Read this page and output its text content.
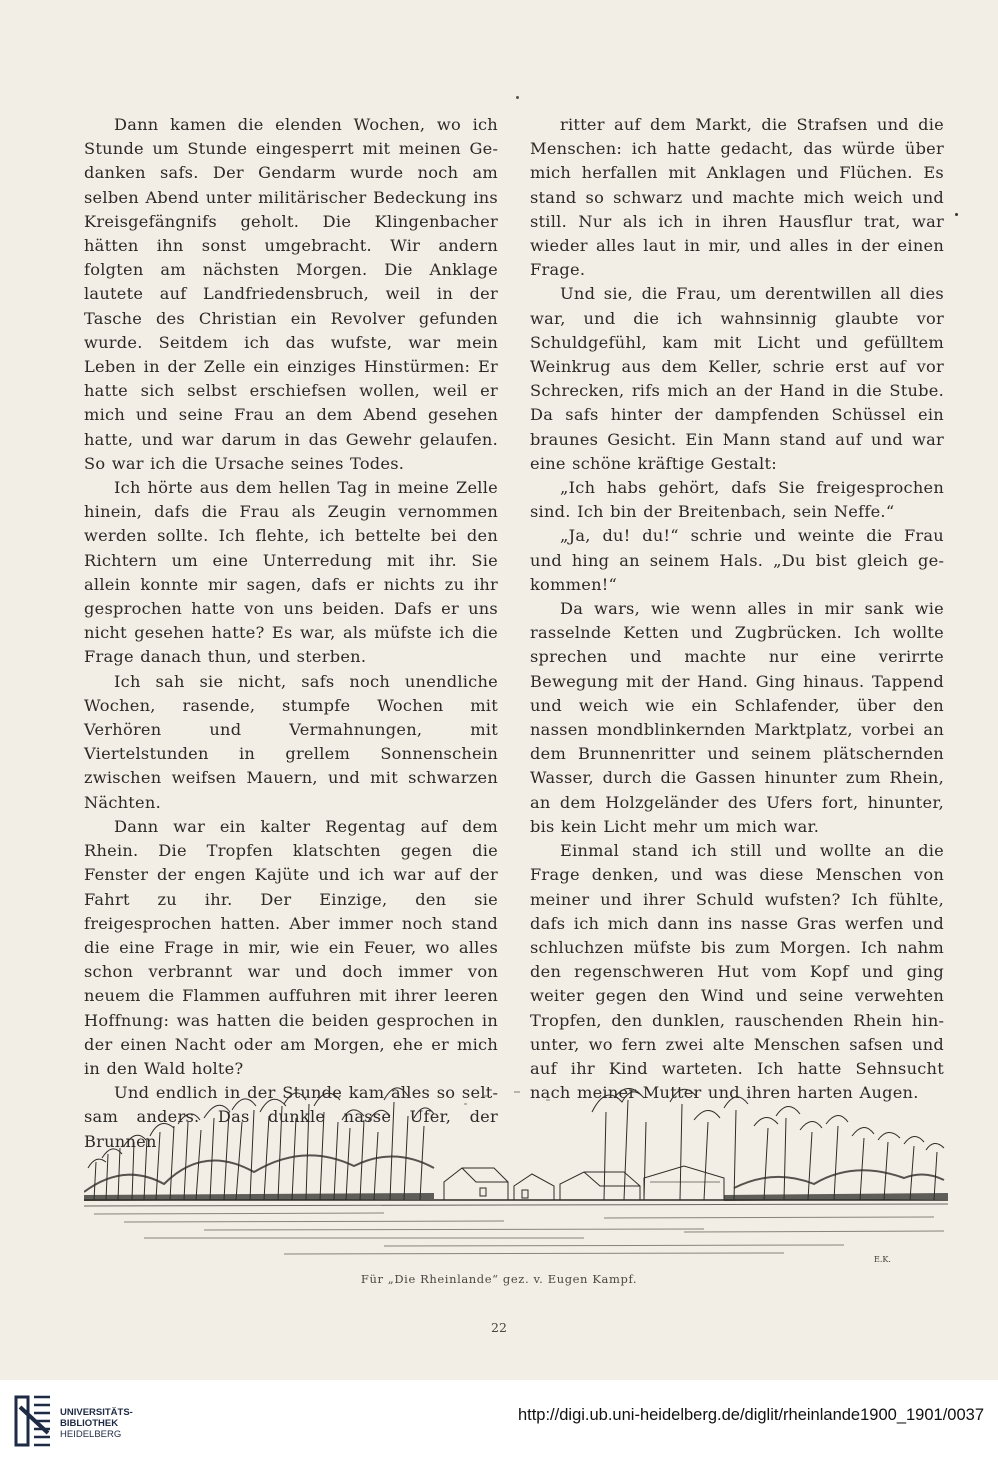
Dann kamen die elenden Wochen, wo ich Stunde um Stunde eingesperrt mit meinen Gedanken safs. Der Gendarm wurde noch am selben Abend unter militärischer Bedeckung ins Kreisgefängnifs geholt. Die Klingenbacher hätten ihn sonst umgebracht. Wir andern folgten am nächsten Morgen. Die Anklage lautete auf Landfriedensbruch, weil in der Tasche des Christian ein Revolver gefunden wurde. Seitdem ich das wufste, war mein Leben in der Zelle ein einziges Hinstürmen: Er hatte sich selbst erschiefsen wollen, weil er mich und seine Frau an dem Abend gesehen hatte, und war darum in das Gewehr gelaufen. So war ich die Ursache seines Todes.

Ich hörte aus dem hellen Tag in meine Zelle hinein, dafs die Frau als Zeugin vernommen werden sollte. Ich flehte, ich bettelte bei den Richtern um eine Unterredung mit ihr. Sie allein konnte mir sagen, dafs er nichts zu ihr gesprochen hatte von uns beiden. Dafs er uns nicht gesehen hatte? Es war, als müfste ich die Frage danach thun, und sterben.

Ich sah sie nicht, safs noch unendliche Wochen, rasende, stumpfe Wochen mit Verhören und Vermahnungen, mit Viertelstunden in grellem Sonnenschein zwischen weifsen Mauern, und mit schwarzen Nächten.

Dann war ein kalter Regentag auf dem Rhein. Die Tropfen klatschten gegen die Fenster der engen Kajüte und ich war auf der Fahrt zu ihr. Der Einzige, den sie freigesprochen hatten. Aber immer noch stand die eine Frage in mir, wie ein Feuer, wo alles schon verbrannt war und doch immer von neuem die Flammen auffuhren mit ihrer leeren Hoffnung: was hatten die beiden gesprochen in der einen Nacht oder am Morgen, ehe er mich in den Wald holte?

Und endlich in der Stunde kam alles so seltsam anders. Das dunkle nasse Ufer, der Brunnen

ritter auf dem Markt, die Strafsen und die Menschen: ich hatte gedacht, das würde über mich herfallen mit Anklagen und Flüchen. Es stand so schwarz und machte mich weich und still. Nur als ich in ihren Hausflur trat, war wieder alles laut in mir, und alles in der einen Frage.

Und sie, die Frau, um derentwillen all dies war, und die ich wahnsinnig glaubte vor Schuldgefühl, kam mit Licht und gefülltem Weinkrug aus dem Keller, schrie erst auf vor Schrecken, rifs mich an der Hand in die Stube. Da safs hinter der dampfenden Schüssel ein braunes Gesicht. Ein Mann stand auf und war eine schöne kräftige Gestalt:

„Ich habs gehört, dafs Sie freigesprochen sind. Ich bin der Breitenbach, sein Neffe.“

„Ja, du! du!“ schrie und weinte die Frau und hing an seinem Hals. „Du bist gleich gekommen!“

Da wars, wie wenn alles in mir sank wie rasselnde Ketten und Zugbrücken. Ich wollte sprechen und machte nur eine verirrte Bewegung mit der Hand. Ging hinaus. Tappend und weich wie ein Schlafender, über den nassen mondblinkernden Marktplatz, vorbei an dem Brunnenritter und seinem plätschernden Wasser, durch die Gassen hinunter zum Rhein, an dem Holzgeländer des Ufers fort, hinunter, bis kein Licht mehr um mich war.

Einmal stand ich still und wollte an die Frage denken, und was diese Menschen von meiner und ihrer Schuld wufsten? Ich fühlte, dafs ich mich dann ins nasse Gras werfen und schluchzen müfste bis zum Morgen. Ich nahm den regenschweren Hut vom Kopf und ging weiter gegen den Wind und seine verwehten Tropfen, den dunklen, rauschenden Rhein hinunter, wo fern zwei alte Menschen safsen und auf ihr Kind warteten. Ich hatte Sehnsucht nach meiner Mutter und ihren harten Augen.

E.K.
Für „Die Rheinlande“ gez. v. Eugen Kampf.
22
UNIVERSITÄTS-
BIBLIOTHEK
HEIDELBERG
http://digi.ub.uni-heidelberg.de/diglit/rheinlande1900_1901/0037
